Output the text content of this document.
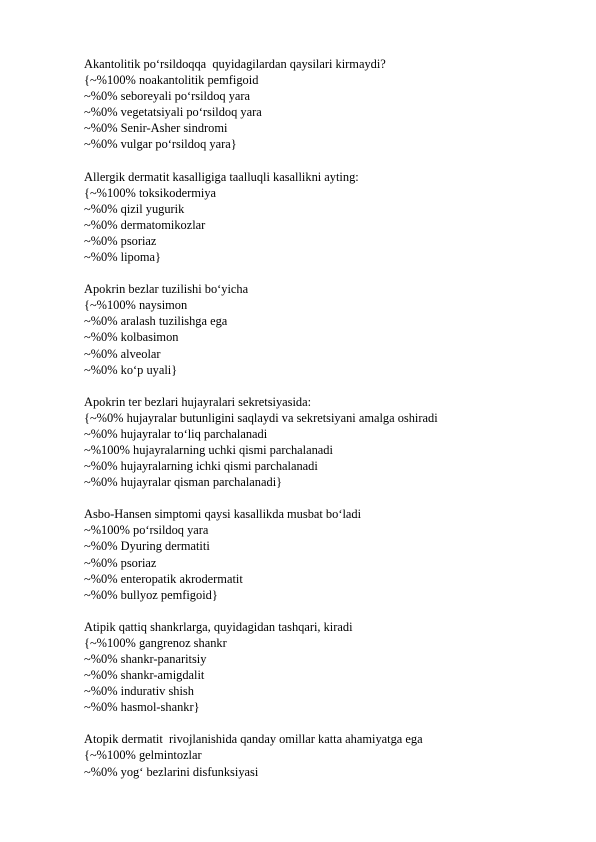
Akantolitik po‘rsildoqqa  quyidagilardan qaysilari kirmaydi?
{~%100% noakantolitik pemfigoid
~%0% seboreyali po‘rsildoq yara
~%0% vegetatsiyali po‘rsildoq yara
~%0% Senir-Asher sindromi
~%0% vulgar po‘rsildoq yara}
Allergik dermatit kasalligiga taalluqli kasallikni ayting:
{~%100% toksikodermiya
~%0% qizil yugurik
~%0% dermatomikozlar
~%0% psoriaz
~%0% lipoma}
Apokrin bezlar tuzilishi bo‘yicha
{~%100% naysimon
~%0% aralash tuzilishga ega
~%0% kolbasimon
~%0% alveolar
~%0% ko‘p uyali}
Apokrin ter bezlari hujayralari sekretsiyasida:
{~%0% hujayralar butunligini saqlaydi va sekretsiyani amalga oshiradi
~%0% hujayralar to‘liq parchalanadi
~%100% hujayralarning uchki qismi parchalanadi
~%0% hujayralarning ichki qismi parchalanadi
~%0% hujayralar qisman parchalanadi}
Asbo-Hansen simptomi qaysi kasallikda musbat bo‘ladi
~%100% po‘rsildoq yara
~%0% Dyuring dermatiti
~%0% psoriaz
~%0% enteropatik akrodermatit
~%0% bullyoz pemfigoid}
Atipik qattiq shankrlarga, quyidagidan tashqari, kiradi
{~%100% gangrenoz shankr
~%0% shankr-panaritsiy
~%0% shankr-amigdalit
~%0% indurativ shish
~%0% hasmol-shankr}
Atopik dermatit  rivojlanishida qanday omillar katta ahamiyatga ega
{~%100% gelmintozlar
~%0% yog‘ bezlarini disfunksiyasi
